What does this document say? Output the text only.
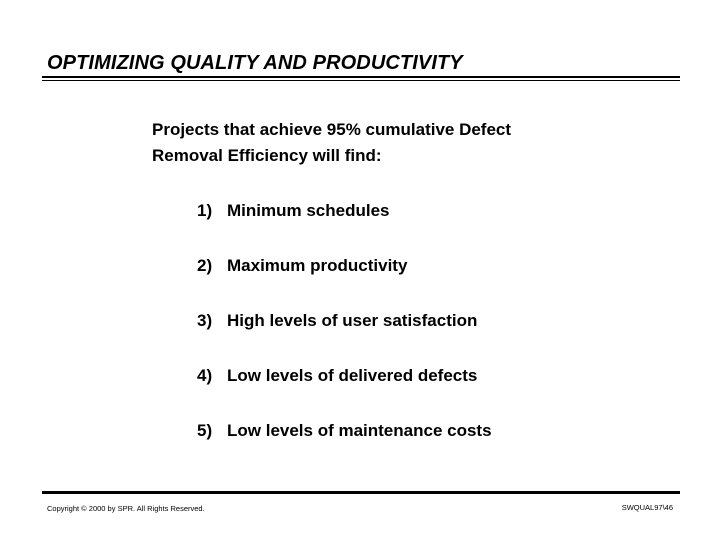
OPTIMIZING QUALITY AND PRODUCTIVITY
Projects that achieve 95% cumulative Defect
Removal Efficiency will find:
1) Minimum schedules
2) Maximum productivity
3) High levels of user satisfaction
4) Low levels of delivered defects
5) Low levels of maintenance costs
Copyright © 2000 by SPR. All Rights Reserved.	SWQUAL97\46
